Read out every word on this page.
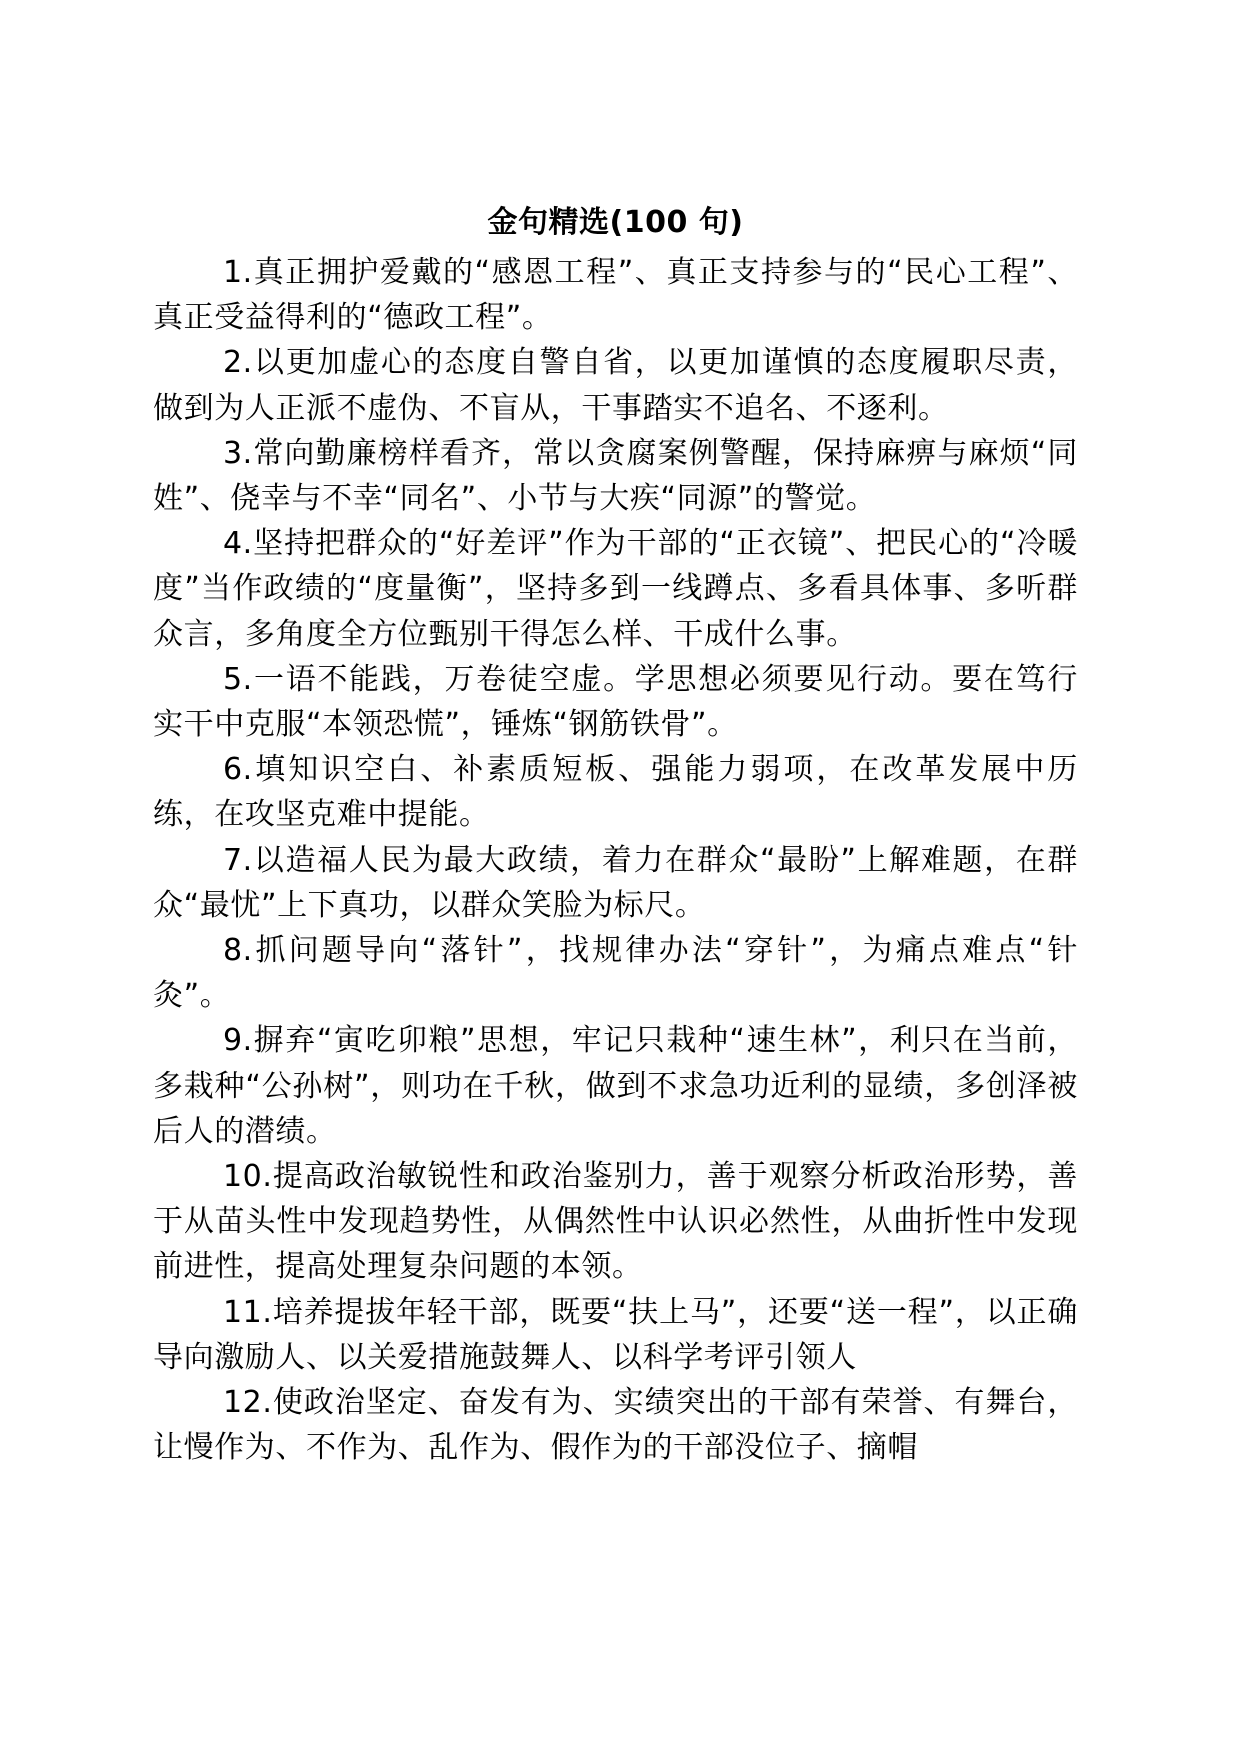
金句精选(100 句)

1.真正拥护爱戴的“感恩工程”、真正支持参与的“民心工程”、真正受益得利的“德政工程”。

2.以更加虚心的态度自警自省，以更加谨慎的态度履职尽责，做到为人正派不虚伪、不盲从，干事踏实不追名、不逐利。

3.常向勤廉榜样看齐，常以贪腐案例警醒，保持麻痹与麻烦“同姓”、侥幸与不幸“同名”、小节与大疾“同源”的警觉。

4.坚持把群众的“好差评”作为干部的“正衣镜”、把民心的“冷暖度”当作政绩的“度量衡”，坚持多到一线蹲点、多看具体事、多听群众言，多角度全方位甄别干得怎么样、干成什么事。

5.一语不能践，万卷徒空虚。学思想必须要见行动。要在笃行实干中克服“本领恐慌”，锤炼“钢筋铁骨”。

6.填知识空白、补素质短板、强能力弱项，在改革发展中历练，在攻坚克难中提能。

7.以造福人民为最大政绩，着力在群众“最盼”上解难题，在群众“最忧”上下真功，以群众笑脸为标尺。

8.抓问题导向“落针”，找规律办法“穿针”，为痛点难点“针灸”。

9.摒弃“寅吃卯粮”思想，牢记只栽种“速生林”，利只在当前，多栽种“公孙树”，则功在千秋，做到不求急功近利的显绩，多创泽被后人的潜绩。

10.提高政治敏锐性和政治鉴别力，善于观察分析政治形势，善于从苗头性中发现趋势性，从偶然性中认识必然性，从曲折性中发现前进性，提高处理复杂问题的本领。

11.培养提拔年轻干部，既要“扶上马”，还要“送一程”，以正确导向激励人、以关爱措施鼓舞人、以科学考评引领人

12.使政治坚定、奋发有为、实绩突出的干部有荣誉、有舞台，让慢作为、不作为、乱作为、假作为的干部没位子、摘帽
